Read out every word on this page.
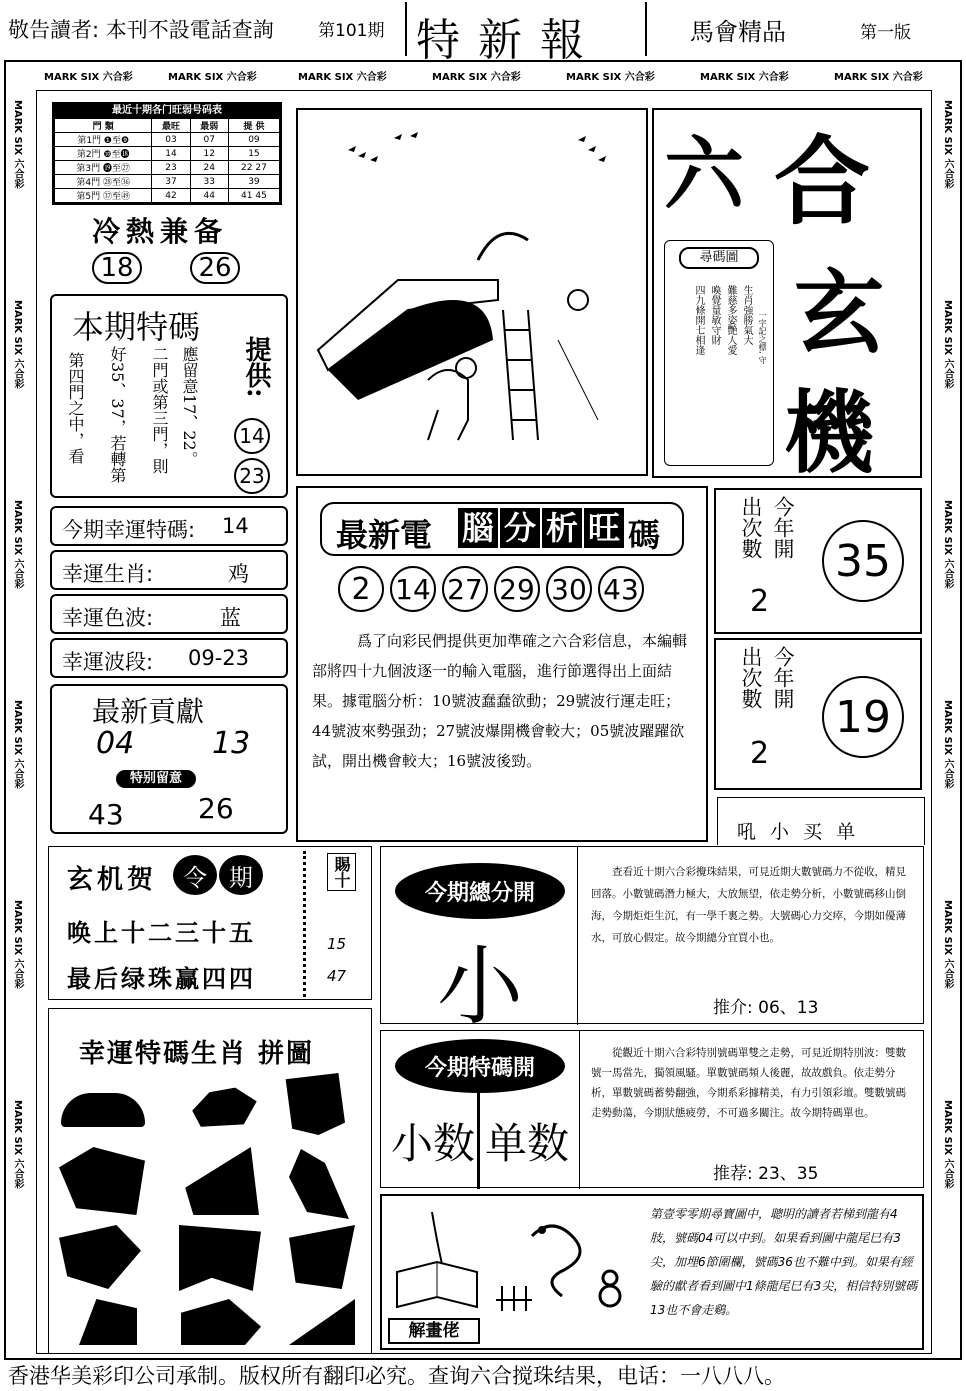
敬告讀者: 本刊不設電話查詢	第101期 特新報	馬會精品	第一版
MARK SIX 六合彩	MARK SIX 六合彩	MARK SIX 六合彩	MARK SIX 六合彩	MARK SIX 六合彩	MARK SIX 六合彩	MARK SIX 六合彩
MARK SIX 六合彩
MARK SIX 六合彩
MARK SIX 六合彩
MARK SIX 六合彩
MARK SIX 六合彩
MARK SIX 六合彩
MARK SIX 六合彩
MARK SIX 六合彩
MARK SIX 六合彩
MARK SIX 六合彩
MARK SIX 六合彩
MARK SIX 六合彩
最近十期各门旺弱号码表
門 類	最旺	最弱	提 供
第1門 ❶至❾	03	07	09
第2門 ❿至⓲	14	12	15
第3門 ⓳至㉗	23	24	22 27
第4門 ㉘至㊱	37	33	39
第5門 ㊲至㊾	42	44	41 45
冷熱兼备
18	26
本期特碼
應留意17、22。
二門或第三門，則
好35、37，若轉第
第四門之中，看	提供:
14
23
今期幸運特碼: 14
幸運生肖:	鸡
幸運色波:	蓝
幸運波段: 09-23
最新貢獻
04	13
特别留意
43	26
玄机贺	令 期
唤上十二三十五
最后绿珠赢四四
賜十
15
47
幸運特碼生肖 拼圖
六 合
玄
機
尋碼圖
生肖強勝氣大
難慈多姿艷人愛
喚覺量敏守財
四九條開七相逢	一字記之標, 守
最新電 腦 分 析 旺 碼
2 14 27 29 30 43
爲了向彩民們提供更加準確之六合彩信息，本編輯部將四十九個波逐一的輸入電腦，進行節選得出上面結果。據電腦分析：10號波蠢蠢欲動；29號波行運走旺；44號波來勢强劲；27號波爆開機會較大；05號波躍躍欲試，開出機會較大；16號波後勁。
出次數 今年開
2
35
出次數 今年開
2
19
吼 小 买 单
今期總分開
小
查看近十期六合彩攪珠結果，可見近期大數號碼力不從收，精見回落。小數號碼潛力極大，大放無望，依走勢分析，小數號碼移山倒海，今期炬炬生沉，有一學千裏之勢。大號碼心力交瘁，今期如優薄水，可放心假定。故今期總分宜買小也。
推介: 06、13
今期特碼開
小数 单数
從觀近十期六合彩特別號碼單雙之走勢，可見近期特別波：雙數號一馬當先，獨領風騷。單數號碼頻人後麗，故故戲負。依走勢分析，單數號碼蓄勢翻強，今期系彩據精美，有力引領彩壇。雙數號碼走勢動蕩，今期狀態疲勞，不可過多關注。故今期特碼單也。
推荐: 23、35
解畫佬
第壹零零期尋寶圖中，聰明的讀者若梯到龍有4肢，號碼04可以中到。如果看到圖中龍尾巳有3尖，加埋6節圍欄，號碼36也不難中到。如果有經驗的獻者看到圖中1條龍尾巳有3尖，相信特别號碼13也不會走鷄。
香港华美彩印公司承制。版权所有翻印必究。查询六合搅珠结果，电话：一八八八。
